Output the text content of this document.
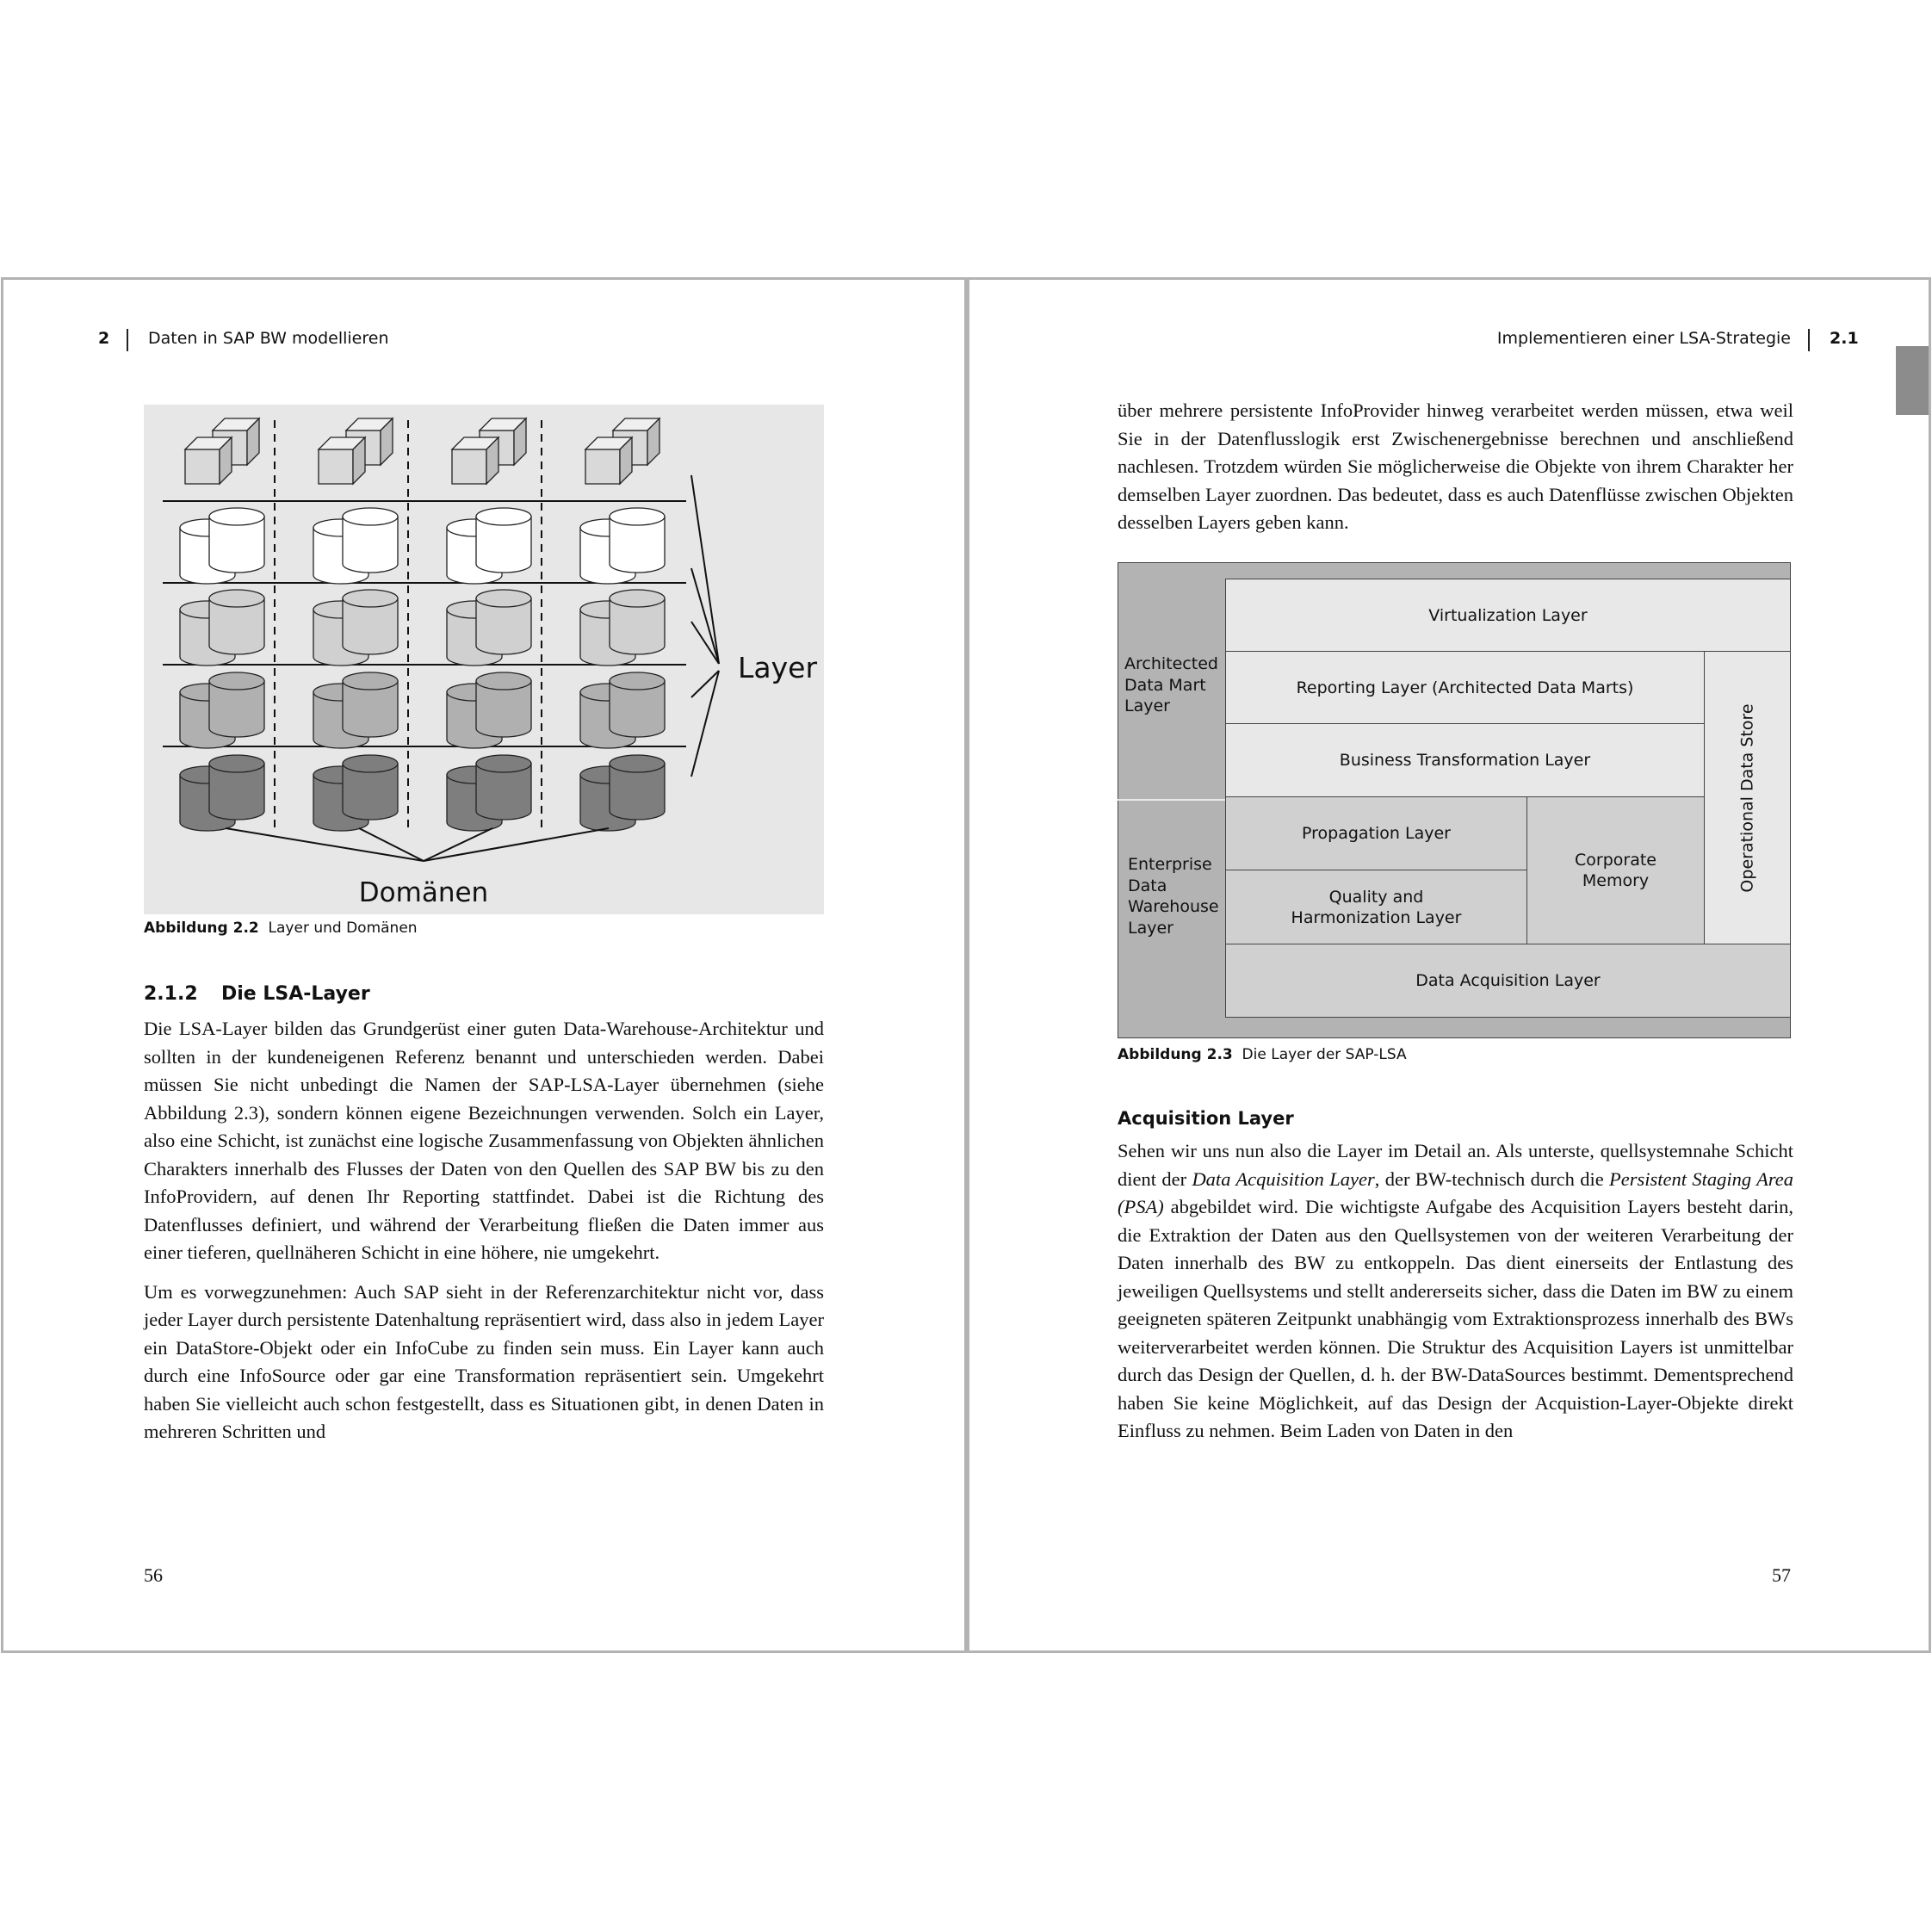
2 Daten in SAP BW modellieren
Layer
Domänen
Abbildung 2.2 Layer und Domänen
2.1.2 Die LSA-Layer

Die LSA-Layer bilden das Grundgerüst einer guten Data-Warehouse-Architektur und sollten in der kundeneigenen Referenz benannt und unterschieden werden. Dabei müssen Sie nicht unbedingt die Namen der SAP-LSA-Layer übernehmen (siehe Abbildung 2.3), sondern können eigene Bezeichnungen verwenden. Solch ein Layer, also eine Schicht, ist zunächst eine logische Zusammenfassung von Objekten ähnlichen Charakters innerhalb des Flusses der Daten von den Quellen des SAP BW bis zu den InfoProvidern, auf denen Ihr Reporting stattfindet. Dabei ist die Richtung des Datenflusses definiert, und während der Verarbeitung fließen die Daten immer aus einer tieferen, quellnäheren Schicht in eine höhere, nie umgekehrt.

Um es vorwegzunehmen: Auch SAP sieht in der Referenzarchitektur nicht vor, dass jeder Layer durch persistente Datenhaltung repräsentiert wird, dass also in jedem Layer ein DataStore-Objekt oder ein InfoCube zu finden sein muss. Ein Layer kann auch durch eine InfoSource oder gar eine Transformation repräsentiert sein. Umgekehrt haben Sie vielleicht auch schon festgestellt, dass es Situationen gibt, in denen Daten in mehreren Schritten und

56
Implementieren einer LSA-Strategie 2.1
über mehrere persistente InfoProvider hinweg verarbeitet werden müssen, etwa weil Sie in der Datenflusslogik erst Zwischenergebnisse berechnen und anschließend nachlesen. Trotzdem würden Sie möglicherweise die Objekte von ihrem Charakter her demselben Layer zuordnen. Das bedeutet, dass es auch Datenflüsse zwischen Objekten desselben Layers geben kann.
Architected Data Mart Layer
Enterprise Data Warehouse Layer
Virtualization Layer
Reporting Layer (Architected Data Marts)
Business Transformation Layer	Operational Data Store
Propagation Layer
Quality and Harmonization Layer
Corporate Memory
Data Acquisition Layer
Abbildung 2.3 Die Layer der SAP-LSA
Acquisition Layer
Sehen wir uns nun also die Layer im Detail an. Als unterste, quellsystemnahe Schicht dient der Data Acquisition Layer, der BW-technisch durch die Persistent Staging Area (PSA) abgebildet wird. Die wichtigste Aufgabe des Acquisition Layers besteht darin, die Extraktion der Daten aus den Quellsystemen von der weiteren Verarbeitung der Daten innerhalb des BW zu entkoppeln. Das dient einerseits der Entlastung des jeweiligen Quellsystems und stellt andererseits sicher, dass die Daten im BW zu einem geeigneten späteren Zeitpunkt unabhängig vom Extraktionsprozess innerhalb des BWs weiterverarbeitet werden können. Die Struktur des Acquisition Layers ist unmittelbar durch das Design der Quellen, d. h. der BW-DataSources bestimmt. Dementsprechend haben Sie keine Möglichkeit, auf das Design der Acquistion-Layer-Objekte direkt Einfluss zu nehmen. Beim Laden von Daten in den
57
